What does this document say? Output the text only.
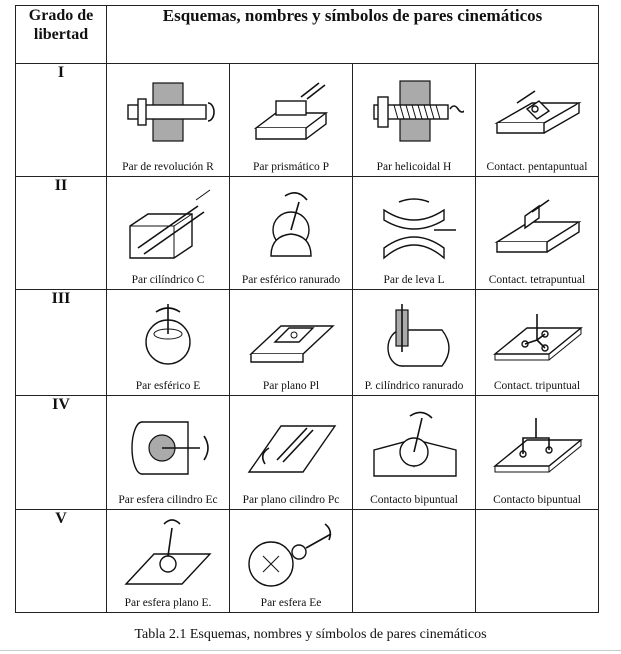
Grado de libertad	Esquemas, nombres y símbolos de pares cinemáticos			
I	Par de revolución R	Par prismático P	Par helicoidal H	Contact. pentapuntual

II	Par cilíndrico C	Par esférico ranurado	Par de leva L	Contact. tetrapuntual

III	Par esférico E	Par plano Pl	P. cilíndrico ranurado	Contact. tripuntual

IV	Par esfera cilindro Ec	Par plano cilindro Pc	Contacto bipuntual	Contacto bipuntual

V	Par esfera plano E.	Par esfera Ee		

Tabla 2.1 Esquemas, nombres y símbolos de pares cinemáticos
